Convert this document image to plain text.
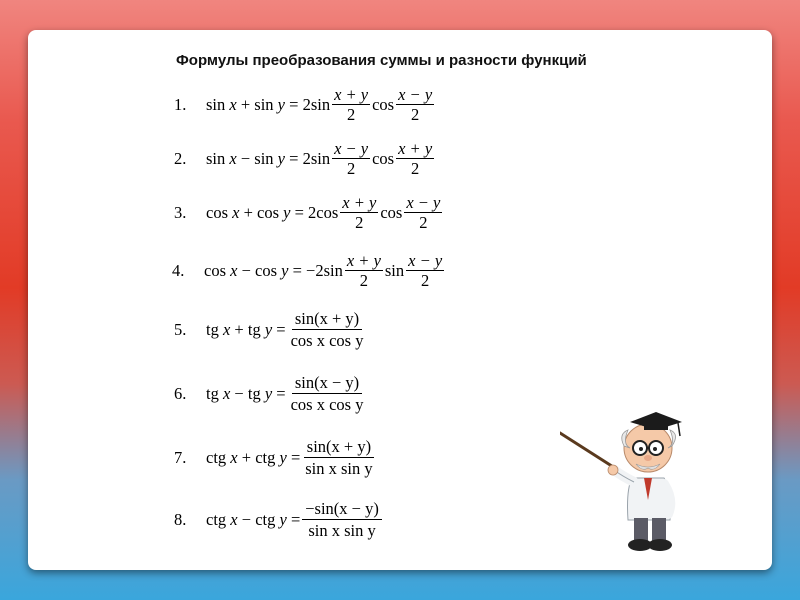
Формулы преобразования суммы и разности функций
1.	sin
x
+
sin
y
=
2 $\sin \frac{x + y}{2}$ $\cos \frac{x - y}{2}$
2.	sin
x
−
sin
y
=
2 $\sin \frac{x - y}{2}$ $\cos \frac{x + y}{2}$
3.	cos
x
+
cos
y
=
2 $\cos \frac{x + y}{2}$ $\cos \frac{x - y}{2}$
4.	cos
x
−
cos
y
=
−2 $\sin \frac{x + y}{2}$ $\sin \frac{x - y}{2}$
5.	tg
x
+
tg
y
= $\frac{\sin(x + y)}{\text{cos x cos y}}$
6.	tg
x
−
tg
y
= $\frac{\sin(x - y)}{\text{cos x cos y}}$
7.	ctg
x
+
ctg
y
= $\frac{\sin(x + y)}{\text{sin x sin y}}$
8.	ctg
x
−
ctg
y
= $\frac{-\sin(x - y)}{\text{sin x sin y}}$
